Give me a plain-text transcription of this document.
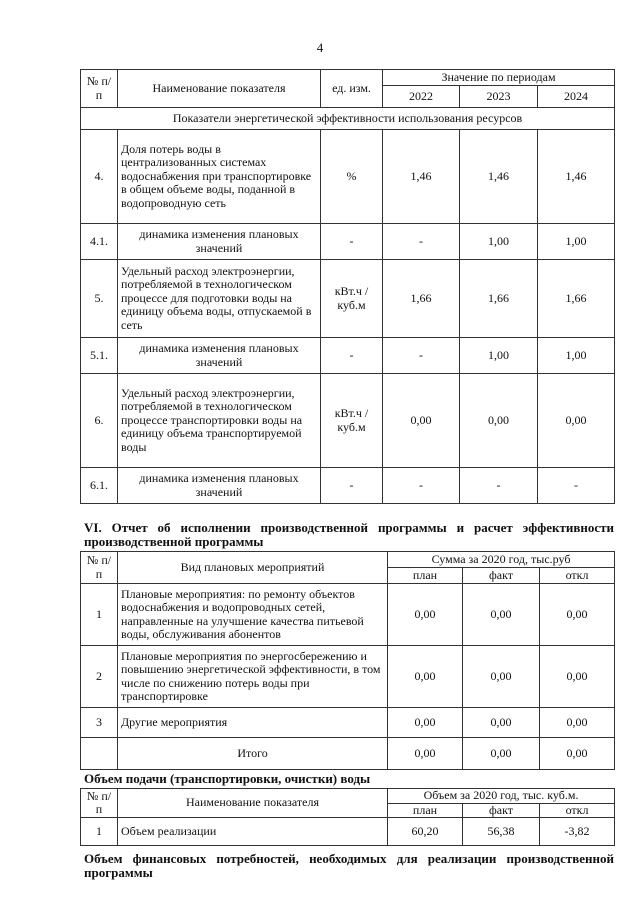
4
№ п/п	Наименование показателя	ед. изм.	Значение по периодам		
			2022	2023	2024
Показатели энергетической эффективности использования ресурсов					
4.	Доля потерь воды в централизованных системах водоснабжения при транспортировке в общем объеме воды, поданной в водопроводную сеть	%	1,46	1,46	1,46
4.1.	динамика изменения плановых значений	-	-	1,00	1,00
5.	Удельный расход электроэнергии, потребляемой в технологическом процессе для подготовки воды на единицу объема воды, отпускаемой в сеть	кВт.ч / куб.м	1,66	1,66	1,66
5.1.	динамика изменения плановых значений	-	-	1,00	1,00
6.	Удельный расход электроэнергии, потребляемой в технологическом процессе транспортировки воды на единицу объема транспортируемой воды	кВт.ч / куб.м	0,00	0,00	0,00
6.1.	динамика изменения плановых значений	-	-	-	-
VI. Отчет об исполнении производственной программы и расчет эффективности производственной программы
№ п/п	Вид плановых мероприятий	Сумма за 2020 год, тыс.руб		
		план	факт	откл
1	Плановые мероприятия: по ремонту объектов водоснабжения и водопроводных сетей, направленные на улучшение качества питьевой воды, обслуживания абонентов	0,00	0,00	0,00
2	Плановые мероприятия по энергосбережению и повышению энергетической эффективности, в том числе по снижению потерь воды при транспортировке	0,00	0,00	0,00
3	Другие мероприятия	0,00	0,00	0,00
	Итого	0,00	0,00	0,00
Объем подачи (транспортировки, очистки) воды
№ п/п	Наименование показателя	Объем за 2020 год, тыс. куб.м.		
		план	факт	откл
1	Объем реализации	60,20	56,38	-3,82
Объем финансовых потребностей, необходимых для реализации производственной программы
